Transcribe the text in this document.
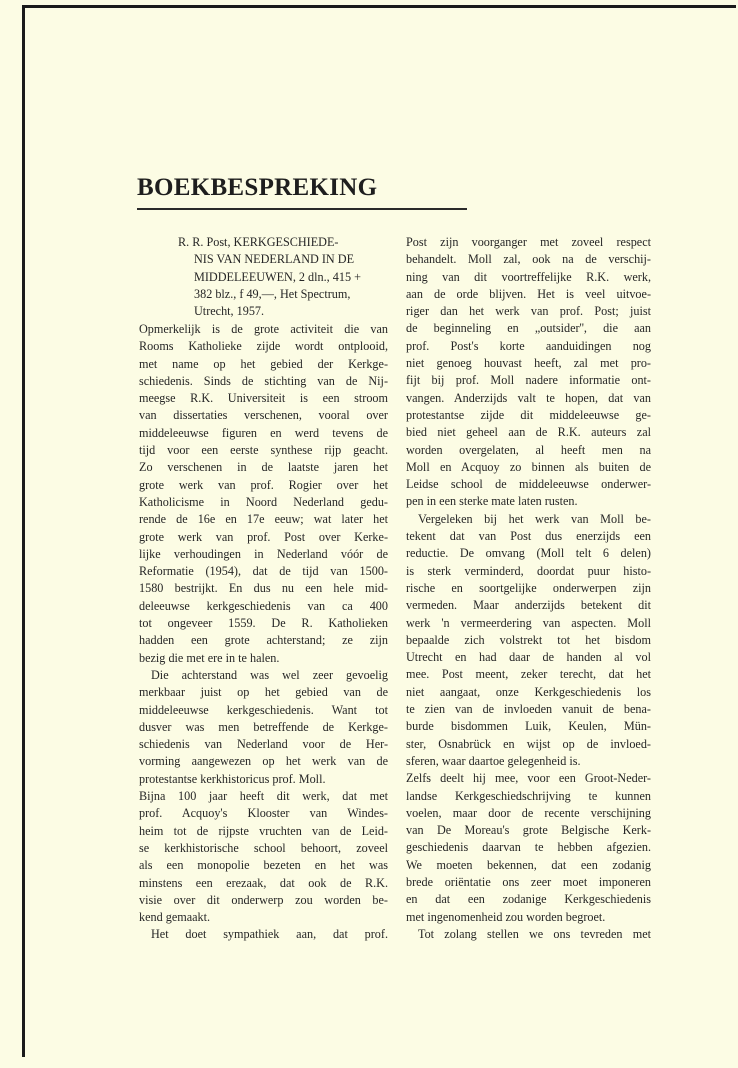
BOEKBESPREKING
R. R. Post, KERKGESCHIEDE-
NIS VAN NEDERLAND IN DE
MIDDELEEUWEN, 2 dln., 415 +
382 blz., f 49,—, Het Spectrum,
Utrecht, 1957.
Opmerkelijk is de grote activiteit die van
Rooms Katholieke zijde wordt ontplooid,
met name op het gebied der Kerkge-
schiedenis. Sinds de stichting van de Nij-
meegse R.K. Universiteit is een stroom
van dissertaties verschenen, vooral over
middeleeuwse figuren en werd tevens de
tijd voor een eerste synthese rijp geacht.
Zo verschenen in de laatste jaren het
grote werk van prof. Rogier over het
Katholicisme in Noord Nederland gedu-
rende de 16e en 17e eeuw; wat later het
grote werk van prof. Post over Kerke-
lijke verhoudingen in Nederland vóór de
Reformatie (1954), dat de tijd van 1500-
1580 bestrijkt. En dus nu een hele mid-
deleeuwse kerkgeschiedenis van ca 400
tot ongeveer 1559. De R. Katholieken
hadden een grote achterstand; ze zijn
bezig die met ere in te halen.
Die achterstand was wel zeer gevoelig
merkbaar juist op het gebied van de
middeleeuwse kerkgeschiedenis. Want tot
dusver was men betreffende de Kerkge-
schiedenis van Nederland voor de Her-
vorming aangewezen op het werk van de
protestantse kerkhistoricus prof. Moll.
Bijna 100 jaar heeft dit werk, dat met
prof. Acquoy's Klooster van Windes-
heim tot de rijpste vruchten van de Leid-
se kerkhistorische school behoort, zoveel
als een monopolie bezeten en het was
minstens een erezaak, dat ook de R.K.
visie over dit onderwerp zou worden be-
kend gemaakt.
Het doet sympathiek aan, dat prof.
Post zijn voorganger met zoveel respect
behandelt. Moll zal, ook na de verschij-
ning van dit voortreffelijke R.K. werk,
aan de orde blijven. Het is veel uitvoe-
riger dan het werk van prof. Post; juist
de beginneling en „outsider'', die aan
prof. Post's korte aanduidingen nog
niet genoeg houvast heeft, zal met pro-
fijt bij prof. Moll nadere informatie ont-
vangen. Anderzijds valt te hopen, dat van
protestantse zijde dit middeleeuwse ge-
bied niet geheel aan de R.K. auteurs zal
worden overgelaten, al heeft men na
Moll en Acquoy zo binnen als buiten de
Leidse school de middeleeuwse onderwer-
pen in een sterke mate laten rusten.
Vergeleken bij het werk van Moll be-
tekent dat van Post dus enerzijds een
reductie. De omvang (Moll telt 6 delen)
is sterk verminderd, doordat puur histo-
rische en soortgelijke onderwerpen zijn
vermeden. Maar anderzijds betekent dit
werk 'n vermeerdering van aspecten. Moll
bepaalde zich volstrekt tot het bisdom
Utrecht en had daar de handen al vol
mee. Post meent, zeker terecht, dat het
niet aangaat, onze Kerkgeschiedenis los
te zien van de invloeden vanuit de bena-
burde bisdommen Luik, Keulen, Mün-
ster, Osnabrück en wijst op de invloed-
sferen, waar daartoe gelegenheid is.
Zelfs deelt hij mee, voor een Groot-Neder-
landse Kerkgeschiedschrijving te kunnen
voelen, maar door de recente verschijning
van De Moreau's grote Belgische Kerk-
geschiedenis daarvan te hebben afgezien.
We moeten bekennen, dat een zodanig
brede oriëntatie ons zeer moet imponeren
en dat een zodanige Kerkgeschiedenis
met ingenomenheid zou worden begroet.
Tot zolang stellen we ons tevreden met
